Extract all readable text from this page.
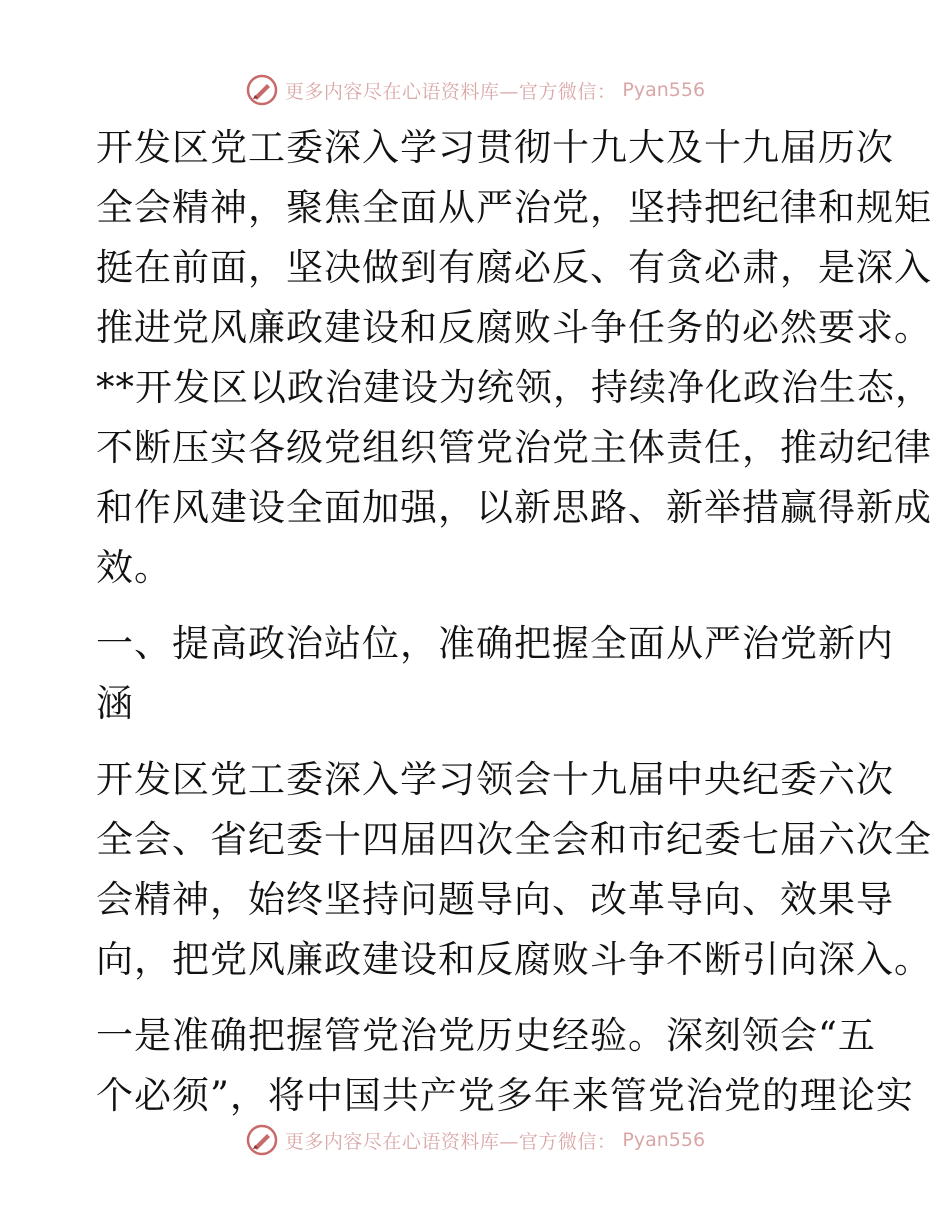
更多内容尽在心语资料库—官方微信： Pyan556

开发区党工委深入学习贯彻十九大及十九届历次
全会精神，聚焦全面从严治党，坚持把纪律和规矩
挺在前面，坚决做到有腐必反、有贪必肃，是深入
推进党风廉政建设和反腐败斗争任务的必然要求。
**开发区以政治建设为统领，持续净化政治生态，
不断压实各级党组织管党治党主体责任，推动纪律
和作风建设全面加强，以新思路、新举措赢得新成
效。

一、提高政治站位，准确把握全面从严治党新内
涵

开发区党工委深入学习领会十九届中央纪委六次
全会、省纪委十四届四次全会和市纪委七届六次全
会精神，始终坚持问题导向、改革导向、效果导
向，把党风廉政建设和反腐败斗争不断引向深入。

一是准确把握管党治党历史经验。深刻领会“五
个必须”，将中国共产党多年来管党治党的理论实

更多内容尽在心语资料库—官方微信： Pyan556
